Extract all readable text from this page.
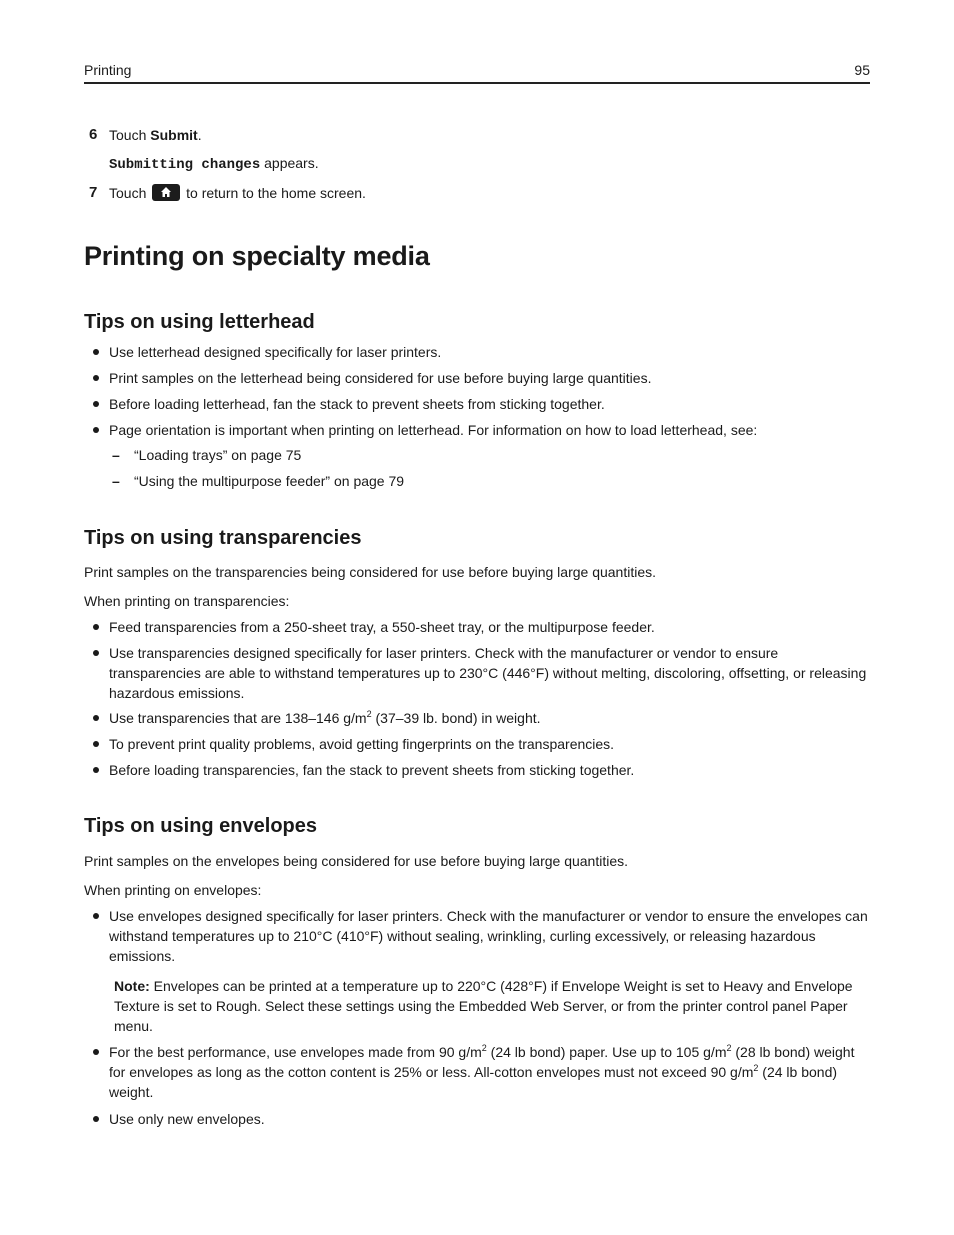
Printing	95
6 Touch Submit.
Submitting changes appears.
7 Touch
to return to the home screen.
Printing on specialty media
Tips on using letterhead
Use letterhead designed specifically for laser printers.
Print samples on the letterhead being considered for use before buying large quantities.
Before loading letterhead, fan the stack to prevent sheets from sticking together.
Page orientation is important when printing on letterhead. For information on how to load letterhead, see:
– “Loading trays” on page 75
– “Using the multipurpose feeder” on page 79
Tips on using transparencies
Print samples on the transparencies being considered for use before buying large quantities.
When printing on transparencies:
Feed transparencies from a 250-sheet tray, a 550-sheet tray, or the multipurpose feeder.
Use transparencies designed specifically for laser printers. Check with the manufacturer or vendor to ensure transparencies are able to withstand temperatures up to 230°C (446°F) without melting, discoloring, offsetting, or releasing hazardous emissions.
Use transparencies that are 138–146 $g/m^2$ (37–39 lb. bond) in weight.
To prevent print quality problems, avoid getting fingerprints on the transparencies.
Before loading transparencies, fan the stack to prevent sheets from sticking together.
Tips on using envelopes
Print samples on the envelopes being considered for use before buying large quantities.
When printing on envelopes:
Use envelopes designed specifically for laser printers. Check with the manufacturer or vendor to ensure the envelopes can withstand temperatures up to 210°C (410°F) without sealing, wrinkling, curling excessively, or releasing hazardous emissions.
Note: Envelopes can be printed at a temperature up to 220°C (428°F) if Envelope Weight is set to Heavy and Envelope Texture is set to Rough. Select these settings using the Embedded Web Server, or from the printer control panel Paper menu.
For the best performance, use envelopes made from 90 $g/m^2$ (24 lb bond) paper. Use up to 105 $g/m^2$ (28 lb bond) weight for envelopes as long as the cotton content is 25% or less. All-cotton envelopes must not exceed 90 $g/m^2$ (24 lb bond) weight.
Use only new envelopes.
